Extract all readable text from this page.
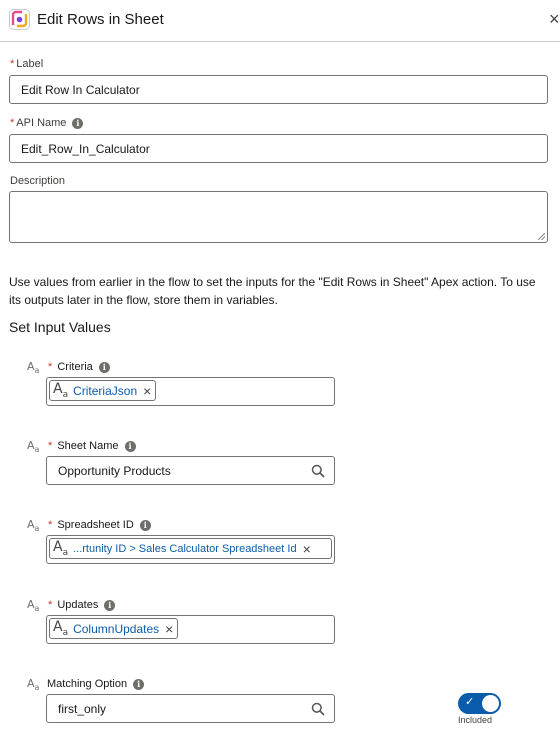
Edit Rows in Sheet	×
* Label
Edit Row In Calculator
* API Name i
Edit_Row_In_Calculator
Description
Use values from earlier in the flow to set the inputs for the "Edit Rows in Sheet" Apex action. To use its outputs later in the flow, store them in variables.
Set Input Values
$A_a$ * Criteria i
$A_a$ CriteriaJson ×
$A_a$ * Sheet Name i
Opportunity Products
$A_a$ * Spreadsheet ID i
$A_a$ ...rtunity ID > Sales Calculator Spreadsheet Id ×
$A_a$ * Updates i
$A_a$ ColumnUpdates ×
$A_a$ Matching Option i
first_only	✓
Included
